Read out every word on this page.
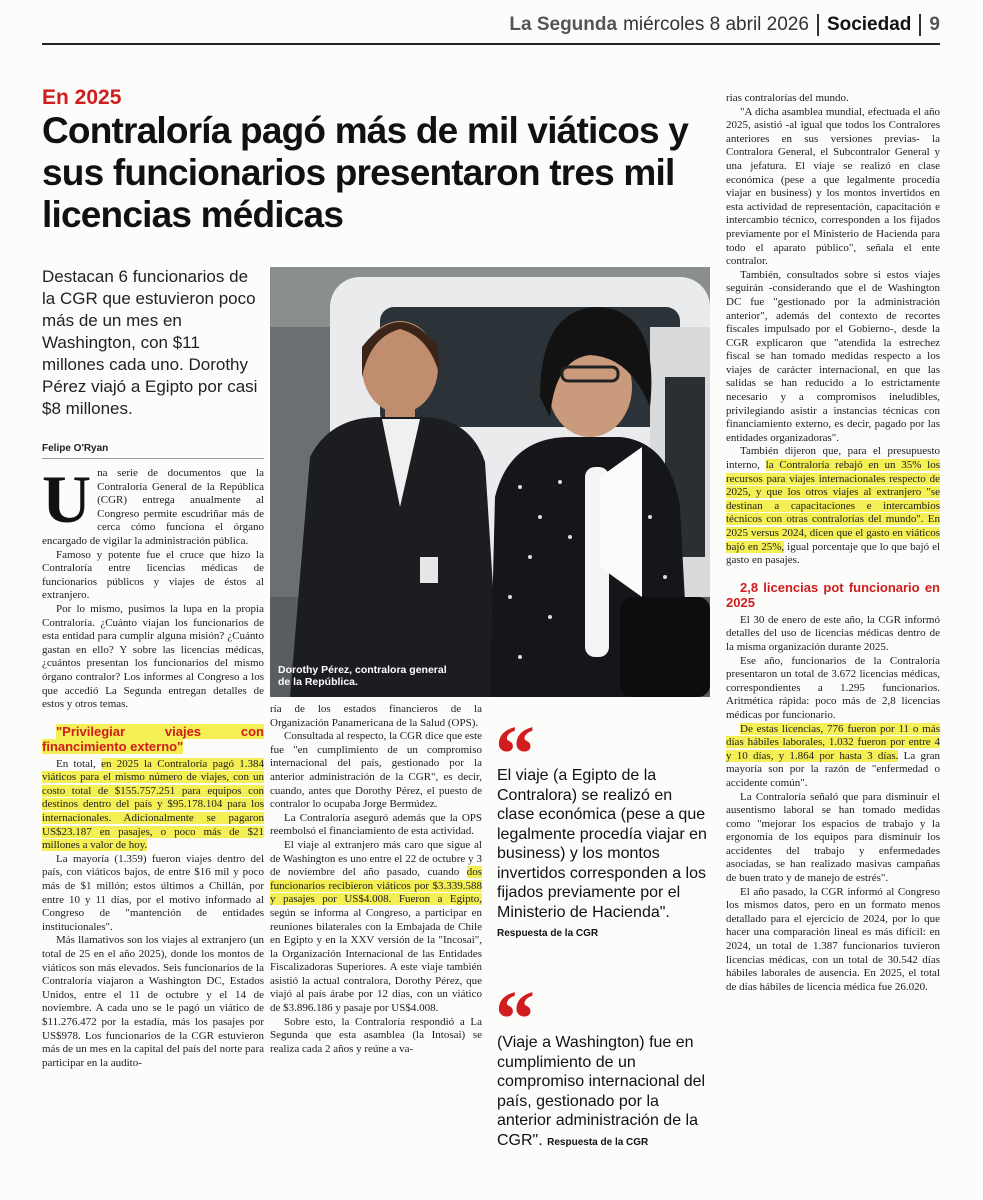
La Segunda miércoles 8 abril 2026 Sociedad 9
En 2025
Contraloría pagó más de mil viáticos y sus funcionarios presentaron tres mil licencias médicas
Destacan 6 funcionarios de la CGR que estuvieron poco más de un mes en Washington, con $11 millones cada uno. Dorothy Pérez viajó a Egipto por casi $8 millones.
Felipe O'Ryan
Dorothy Pérez, contralora general de la República.

Una serie de documentos que la Contraloría General de la República (CGR) entrega anualmente al Congreso permite escudriñar más de cerca cómo funciona el órgano encargado de vigilar la administración pública.

Famoso y potente fue el cruce que hizo la Contraloría entre licencias médicas de funcionarios públicos y viajes de éstos al extranjero.

Por lo mismo, pusimos la lupa en la propia Contraloría. ¿Cuánto viajan los funcionarios de esta entidad para cumplir alguna misión? ¿Cuánto gastan en ello? Y sobre las licencias médicas, ¿cuántos presentan los funcionarios del mismo órgano contralor? Los informes al Congreso a los que accedió La Segunda entregan detalles de estos y otros temas.

"Privilegiar viajes con financimiento externo"

En total, en 2025 la Contraloría pagó 1.384 viáticos para el mismo número de viajes, con un costo total de $155.757.251 para equipos con destinos dentro del país y $95.178.104 para los internacionales. Adicionalmente se pagaron US$23.187 en pasajes, o poco más de $21 millones a valor de hoy.

La mayoría (1.359) fueron viajes dentro del país, con viáticos bajos, de entre $16 mil y poco más de $1 millón; estos últimos a Chillán, por entre 10 y 11 días, por el motivo informado al Congreso de "mantención de entidades institucionales".

Más llamativos son los viajes al extranjero (un total de 25 en el año 2025), donde los montos de viáticos son más elevados. Seis funcionarios de la Contraloría viajaron a Washington DC, Estados Unidos, entre el 11 de octubre y el 14 de noviembre. A cada uno se le pagó un viático de $11.276.472 por la estadía, más los pasajes por US$978. Los funcionarios de la CGR estuvieron más de un mes en la capital del país del norte para participar en la audito-

ría de los estados financieros de la Organización Panamericana de la Salud (OPS).

Consultada al respecto, la CGR dice que este fue "en cumplimiento de un compromiso internacional del país, gestionado por la anterior administración de la CGR", es decir, cuando, antes que Dorothy Pérez, el puesto de contralor lo ocupaba Jorge Bermúdez.

La Contraloría aseguró además que la OPS reembolsó el financiamiento de esta actividad.

El viaje al extranjero más caro que sigue al de Washington es uno entre el 22 de octubre y 3 de noviembre del año pasado, cuando dos funcionarios recibieron viáticos por $3.339.588 y pasajes por US$4.008. Fueron a Egipto, según se informa al Congreso, a participar en reuniones bilaterales con la Embajada de Chile en Egipto y en la XXV versión de la "Incosai", la Organización Internacional de las Entidades Fiscalizadoras Superiores. A este viaje también asistió la actual contralora, Dorothy Pérez, que viajó al país árabe por 12 días, con un viático de $3.896.186 y pasaje por US$4.008.

Sobre esto, la Contraloría respondió a La Segunda que esta asamblea (la Intosai) se realiza cada 2 años y reúne a va-

“
El viaje (a Egipto de la Contralora) se realizó en clase económica (pese a que legalmente procedía viajar en business) y los montos invertidos corresponden a los fijados previamente por el Ministerio de Hacienda". Respuesta de la CGR
“
(Viaje a Washington) fue en cumplimiento de un compromiso internacional del país, gestionado por la anterior administración de la CGR". Respuesta de la CGR

rias contralorías del mundo.

"A dicha asamblea mundial, efectuada el año 2025, asistió -al igual que todos los Contralores anteriores en sus versiones previas- la Contralora General, el Subcontralor General y una jefatura. El viaje se realizó en clase económica (pese a que legalmente procedía viajar en business) y los montos invertidos en esta actividad de representación, capacitación e intercambio técnico, corresponden a los fijados previamente por el Ministerio de Hacienda para todo el aparato público", señala el ente contralor.

También, consultados sobre si estos viajes seguirán -considerando que el de Washington DC fue "gestionado por la administración anterior", además del contexto de recortes fiscales impulsado por el Gobierno-, desde la CGR explicaron que "atendida la estrechez fiscal se han tomado medidas respecto a los viajes de carácter internacional, en que las salidas se han reducido a lo estrictamente necesario y a compromisos ineludibles, privilegiando asistir a instancias técnicas con financiamiento externo, es decir, pagado por las entidades organizadoras".

También dijeron que, para el presupuesto interno, la Contraloría rebajó en un 35% los recursos para viajes internacionales respecto de 2025, y que los otros viajes al extranjero "se destinan a capacitaciones e intercambios técnicos con otras contralorías del mundo". En 2025 versus 2024, dicen que el gasto en viáticos bajó en 25%, igual porcentaje que lo que bajó el gasto en pasajes.

2,8 licencias pot funcionario en 2025

El 30 de enero de este año, la CGR informó detalles del uso de licencias médicas dentro de la misma organización durante 2025.

Ese año, funcionarios de la Contraloría presentaron un total de 3.672 licencias médicas, correspondientes a 1.295 funcionarios. Aritmética rápida: poco más de 2,8 licencias médicas por funcionario.

De estas licencias, 776 fueron por 11 o más días hábiles laborales, 1.032 fueron por entre 4 y 10 días, y 1.864 por hasta 3 días. La gran mayoría son por la razón de "enfermedad o accidente común".

La Contraloría señaló que para disminuir el ausentismo laboral se han tomado medidas como "mejorar los espacios de trabajo y la ergonomía de los equipos para disminuir los accidentes del trabajo y enfermedades asociadas, se han realizado masivas campañas de buen trato y de manejo de estrés".

El año pasado, la CGR informó al Congreso los mismos datos, pero en un formato menos detallado para el ejercicio de 2024, por lo que hacer una comparación lineal es más difícil: en 2024, un total de 1.387 funcionarios tuvieron licencias médicas, con un total de 30.542 días hábiles laborales de ausencia. En 2025, el total de días hábiles de licencia médica fue 26.020.
